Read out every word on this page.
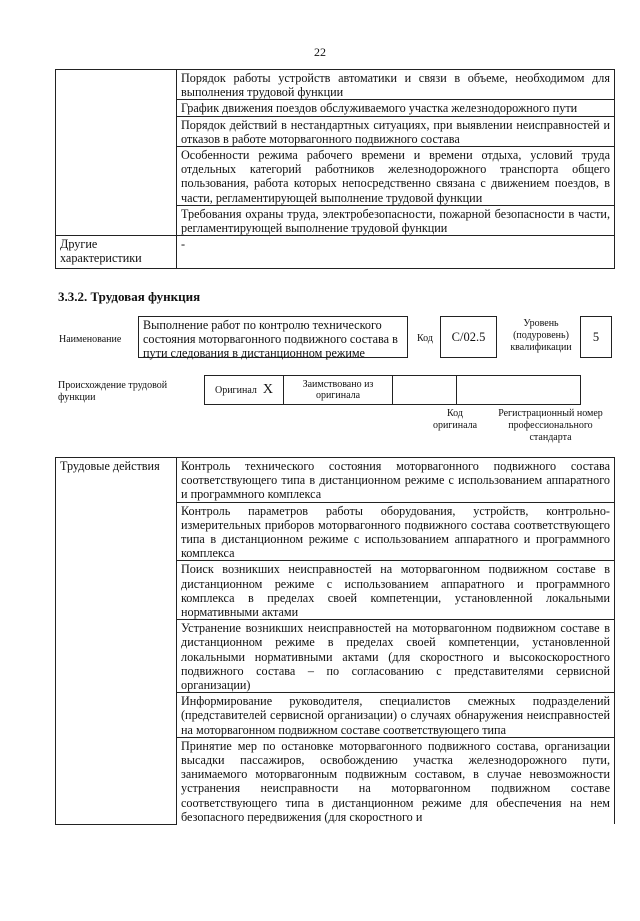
22
	Порядок работы устройств автоматики и связи в объеме, необходимом для выполнения трудовой функции
	График движения поездов обслуживаемого участка железнодорожного пути
	Порядок действий в нестандартных ситуациях, при выявлении неисправностей и отказов в работе моторвагонного подвижного состава
	Особенности режима рабочего времени и времени отдыха, условий труда отдельных категорий работников железнодорожного транспорта общего пользования, работа которых непосредственно связана с движением поездов, в части, регламентирующей выполнение трудовой функции
	Требования охраны труда, электробезопасности, пожарной безопасности в части, регламентирующей выполнение трудовой функции
Другие характеристики	-
3.3.2. Трудовая функция
Наименование
Выполнение работ по контролю технического состояния моторвагонного подвижного состава в пути следования в дистанционном режиме
Код	C/02.5
Уровень (подуровень) квалификации
5
Происхождение трудовой функции
Оригинал X	Заимствовано из оригинала
Код оригинала
Регистрационный номер профессионального стандарта
Трудовые действия	Контроль технического состояния моторвагонного подвижного состава соответствующего типа в дистанционном режиме с использованием аппаратного и программного комплекса
Контроль параметров работы оборудования, устройств, контрольно-измерительных приборов моторвагонного подвижного состава соответствующего типа в дистанционном режиме с использованием аппаратного и программного комплекса
Поиск возникших неисправностей на моторвагонном подвижном составе в дистанционном режиме с использованием аппаратного и программного комплекса в пределах своей компетенции, установленной локальными нормативными актами
Устранение возникших неисправностей на моторвагонном подвижном составе в дистанционном режиме в пределах своей компетенции, установленной локальными нормативными актами (для скоростного и высокоскоростного подвижного состава – по согласованию с представителями сервисной организации)
Информирование руководителя, специалистов смежных подразделений (представителей сервисной организации) о случаях обнаружения неисправностей на моторвагонном подвижном составе соответствующего типа
Принятие мер по остановке моторвагонного подвижного состава, организации высадки пассажиров, освобождению участка железнодорожного пути, занимаемого моторвагонным подвижным составом, в случае невозможности устранения неисправности на моторвагонном подвижном составе соответствующего типа в дистанционном режиме для обеспечения на нем безопасного передвижения (для скоростного и
